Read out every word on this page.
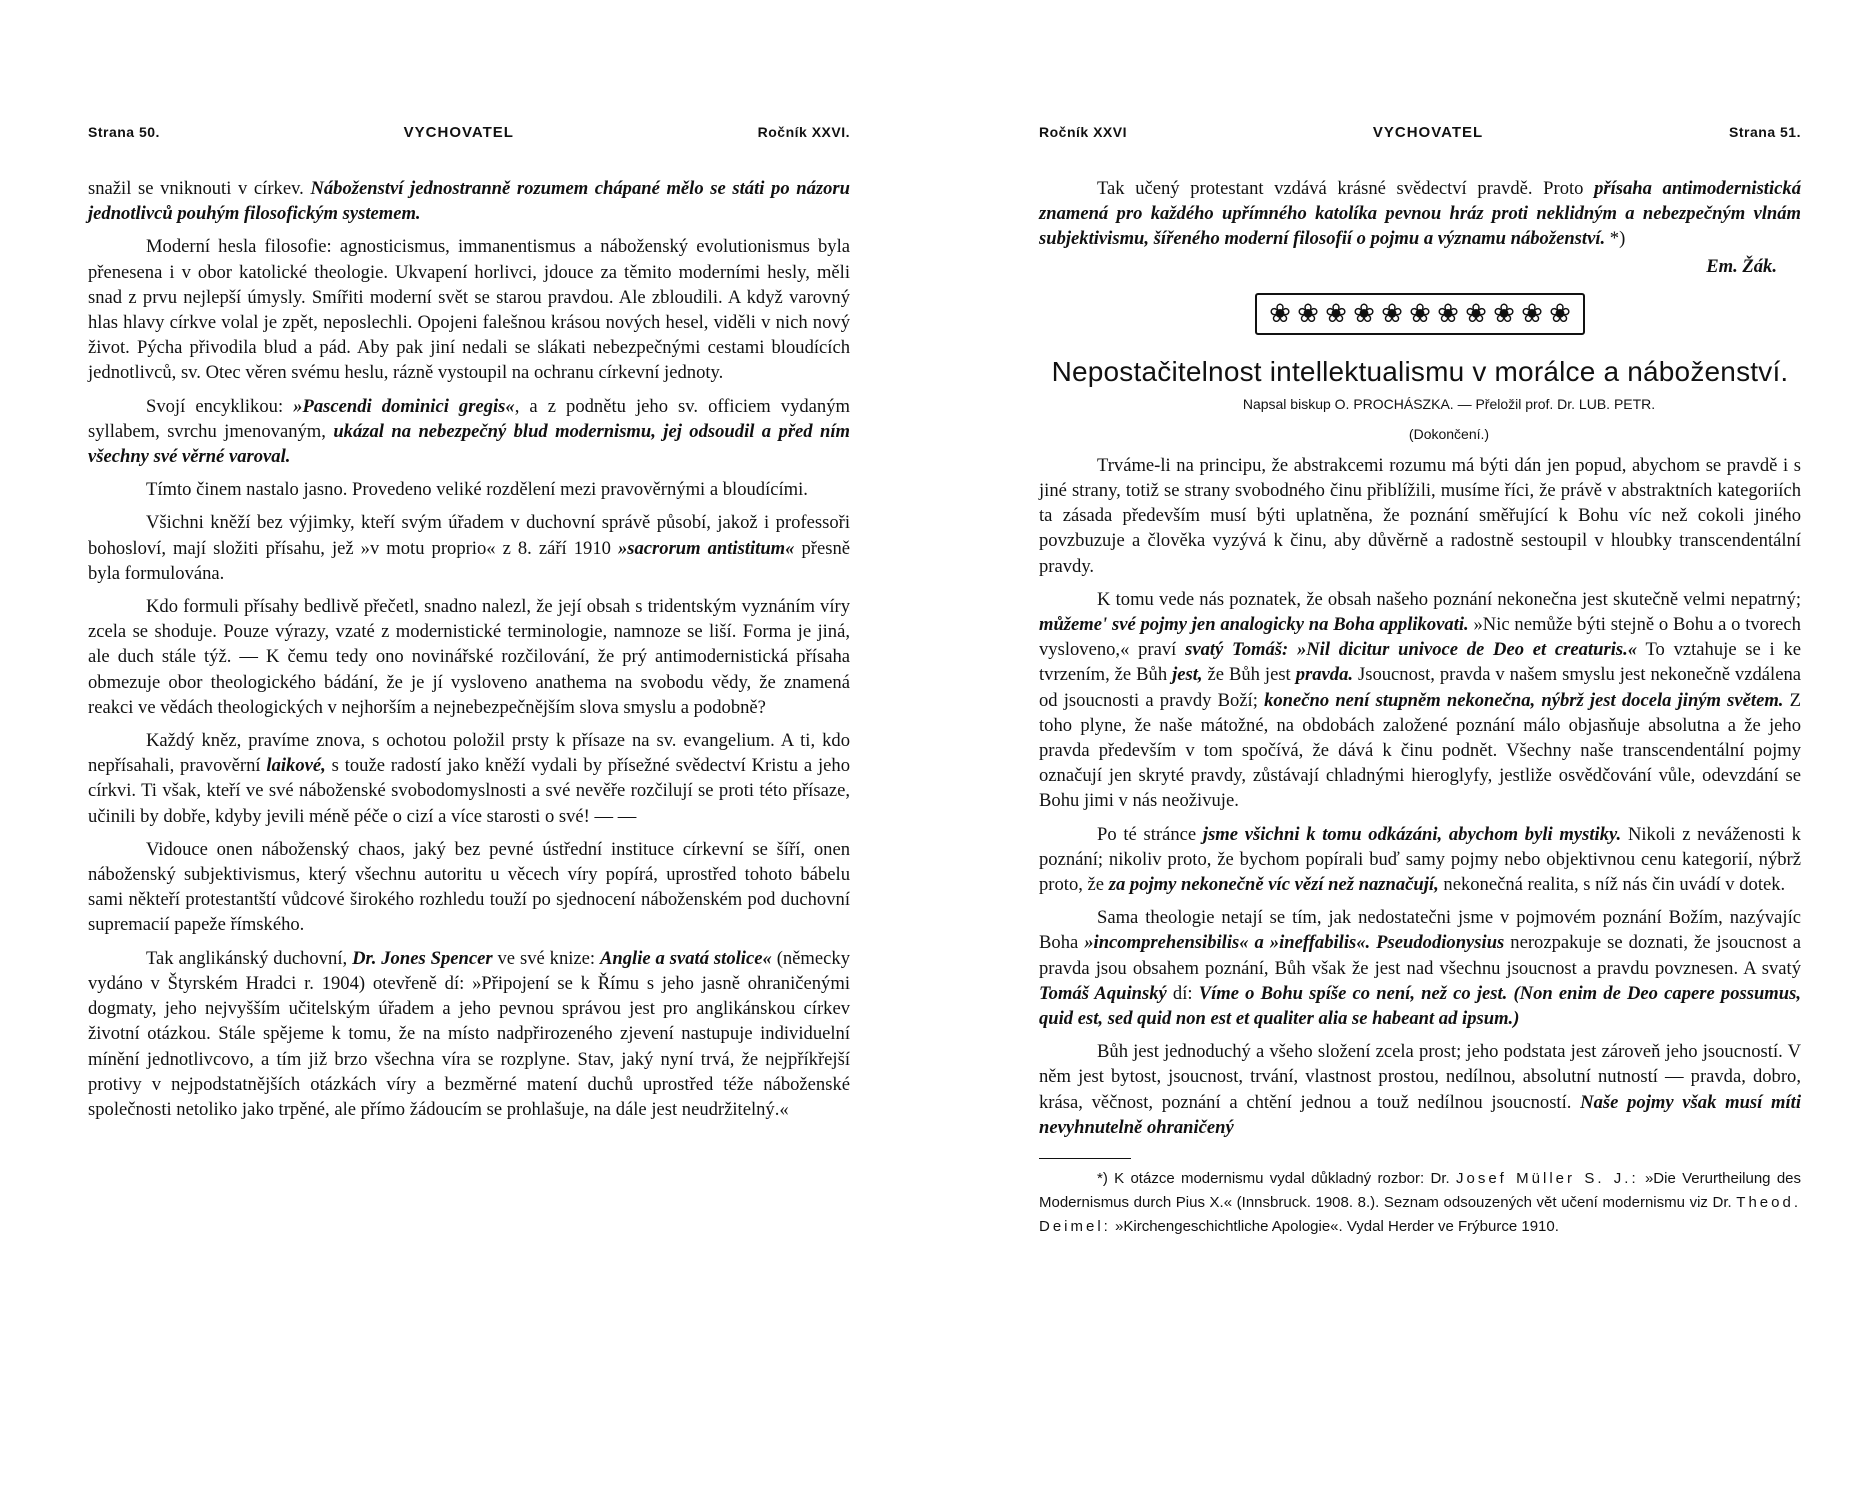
Strana 50.	VYCHOVATEL	Ročník XXVI.

snažil se vniknouti v církev. Náboženství jednostranně rozumem chápané mělo se státi po názoru jednotlivců pouhým filosofickým systemem.

Moderní hesla filosofie: agnosticismus, immanentismus a náboženský evolutionismus byla přenesena i v obor katolické theologie. Ukvapení horlivci, jdouce za těmito moderními hesly, měli snad z prvu nejlepší úmysly. Smířiti moderní svět se starou pravdou. Ale zbloudili. A když varovný hlas hlavy církve volal je zpět, neposlechli. Opojeni falešnou krásou nových hesel, viděli v nich nový život. Pýcha přivodila blud a pád. Aby pak jiní nedali se slákati nebezpečnými cestami bloudících jednotlivců, sv. Otec věren svému heslu, rázně vystoupil na ochranu církevní jednoty.

Svojí encyklikou: »Pascendi dominici gregis«, a z podnětu jeho sv. officiem vydaným syllabem, svrchu jmenovaným, ukázal na nebezpečný blud modernismu, jej odsoudil a před ním všechny své věrné varoval.

Tímto činem nastalo jasno. Provedeno veliké rozdělení mezi pravověrnými a bloudícími.

Všichni kněží bez výjimky, kteří svým úřadem v duchovní správě působí, jakož i professoři bohosloví, mají složiti přísahu, jež »v motu proprio« z 8. září 1910 »sacrorum antistitum« přesně byla formulována.

Kdo formuli přísahy bedlivě přečetl, snadno nalezl, že její obsah s tridentským vyznáním víry zcela se shoduje. Pouze výrazy, vzaté z modernistické terminologie, namnoze se liší. Forma je jiná, ale duch stále týž. — K čemu tedy ono novinářské rozčilování, že prý antimodernistická přísaha obmezuje obor theologického bádání, že je jí vysloveno anathema na svobodu vědy, že znamená reakci ve vědách theologických v nejhorším a nejnebezpečnějším slova smyslu a podobně?

Každý kněz, pravíme znova, s ochotou položil prsty k přísaze na sv. evangelium. A ti, kdo nepřísahali, pravověrní laikové, s touže radostí jako kněží vydali by přísežné svědectví Kristu a jeho církvi. Ti však, kteří ve své náboženské svobodomyslnosti a své nevěře rozčilují se proti této přísaze, učinili by dobře, kdyby jevili méně péče o cizí a více starosti o své! — —

Vidouce onen náboženský chaos, jaký bez pevné ústřední instituce církevní se šíří, onen náboženský subjektivismus, který všechnu autoritu u věcech víry popírá, uprostřed tohoto bábelu sami někteří protestantští vůdcové širokého rozhledu touží po sjednocení náboženském pod duchovní supremacií papeže římského.

Tak anglikánský duchovní, Dr. Jones Spencer ve své knize: Anglie a svatá stolice« (německy vydáno v Štyrském Hradci r. 1904) otevřeně dí: »Připojení se k Římu s jeho jasně ohraničenými dogmaty, jeho nejvyšším učitelským úřadem a jeho pevnou správou jest pro anglikánskou církev životní otázkou. Stále spějeme k tomu, že na místo nadpřirozeného zjevení nastupuje individuelní mínění jednotlivcovo, a tím již brzo všechna víra se rozplyne. Stav, jaký nyní trvá, že nejpříkřejší protivy v nejpodstatnějších otázkách víry a bezměrné matení duchů uprostřed téže náboženské společnosti netoliko jako trpěné, ale přímo žádoucím se prohlašuje, na dále jest neudržitelný.«

Ročník XXVI	VYCHOVATEL	Strana 51.

Tak učený protestant vzdává krásné svědectví pravdě. Proto přísaha antimodernistická znamená pro každého upřímného katolíka pevnou hráz proti neklidným a nebezpečným vlnám subjektivismu, šířeného moderní filosofií o pojmu a významu náboženství. *)

Em. Žák.
❀ ❀ ❀ ❀ ❀ ❀ ❀ ❀ ❀ ❀ ❀
Nepostačitelnost intellektualismu v morálce a náboženství.

Napsal biskup O. PROCHÁSZKA. — Přeložil prof. Dr. LUB. PETR.

(Dokončení.)

Trváme-li na principu, že abstrakcemi rozumu má býti dán jen popud, abychom se pravdě i s jiné strany, totiž se strany svobodného činu přiblížili, musíme říci, že právě v abstraktních kategoriích ta zásada především musí býti uplatněna, že poznání směřující k Bohu víc než cokoli jiného povzbuzuje a člověka vyzývá k činu, aby důvěrně a radostně sestoupil v hloubky transcendentální pravdy.

K tomu vede nás poznatek, že obsah našeho poznání nekonečna jest skutečně velmi nepatrný; můžeme' své pojmy jen analogicky na Boha applikovati. »Nic nemůže býti stejně o Bohu a o tvorech vysloveno,« praví svatý Tomáš: »Nil dicitur univoce de Deo et creaturis.« To vztahuje se i ke tvrzením, že Bůh jest, že Bůh jest pravda. Jsoucnost, pravda v našem smyslu jest nekonečně vzdálena od jsoucnosti a pravdy Boží; konečno není stupněm nekonečna, nýbrž jest docela jiným světem. Z toho plyne, že naše mátožné, na obdobách založené poznání málo objasňuje absolutna a že jeho pravda především v tom spočívá, že dává k činu podnět. Všechny naše transcendentální pojmy označují jen skryté pravdy, zůstávají chladnými hieroglyfy, jestliže osvědčování vůle, odevzdání se Bohu jimi v nás neoživuje.

Po té stránce jsme všichni k tomu odkázáni, abychom byli mystiky. Nikoli z neváženosti k poznání; nikoliv proto, že bychom popírali buď samy pojmy nebo objektivnou cenu kategorií, nýbrž proto, že za pojmy nekonečně víc vězí než naznačují, nekonečná realita, s níž nás čin uvádí v dotek.

Sama theologie netají se tím, jak nedostatečni jsme v pojmovém poznání Božím, nazývajíc Boha »incomprehensibilis« a »ineffabilis«. Pseudodionysius nerozpakuje se doznati, že jsoucnost a pravda jsou obsahem poznání, Bůh však že jest nad všechnu jsoucnost a pravdu povznesen. A svatý Tomáš Aquinský dí: Víme o Bohu spíše co není, než co jest. (Non enim de Deo capere possumus, quid est, sed quid non est et qualiter alia se habeant ad ipsum.)

Bůh jest jednoduchý a všeho složení zcela prost; jeho podstata jest zároveň jeho jsoucností. V něm jest bytost, jsoucnost, trvání, vlastnost prostou, nedílnou, absolutní nutností — pravda, dobro, krása, věčnost, poznání a chtění jednou a touž nedílnou jsoucností. Naše pojmy však musí míti nevyhnutelně ohraničený

*) K otázce modernismu vydal důkladný rozbor: Dr. Josef Müller S. J.: »Die Verurtheilung des Modernismus durch Pius X.« (Innsbruck. 1908. 8.). Seznam odsouzených vět učení modernismu viz Dr. Theod. Deimel: »Kirchengeschichtliche Apologie«. Vydal Herder ve Frýburce 1910.
